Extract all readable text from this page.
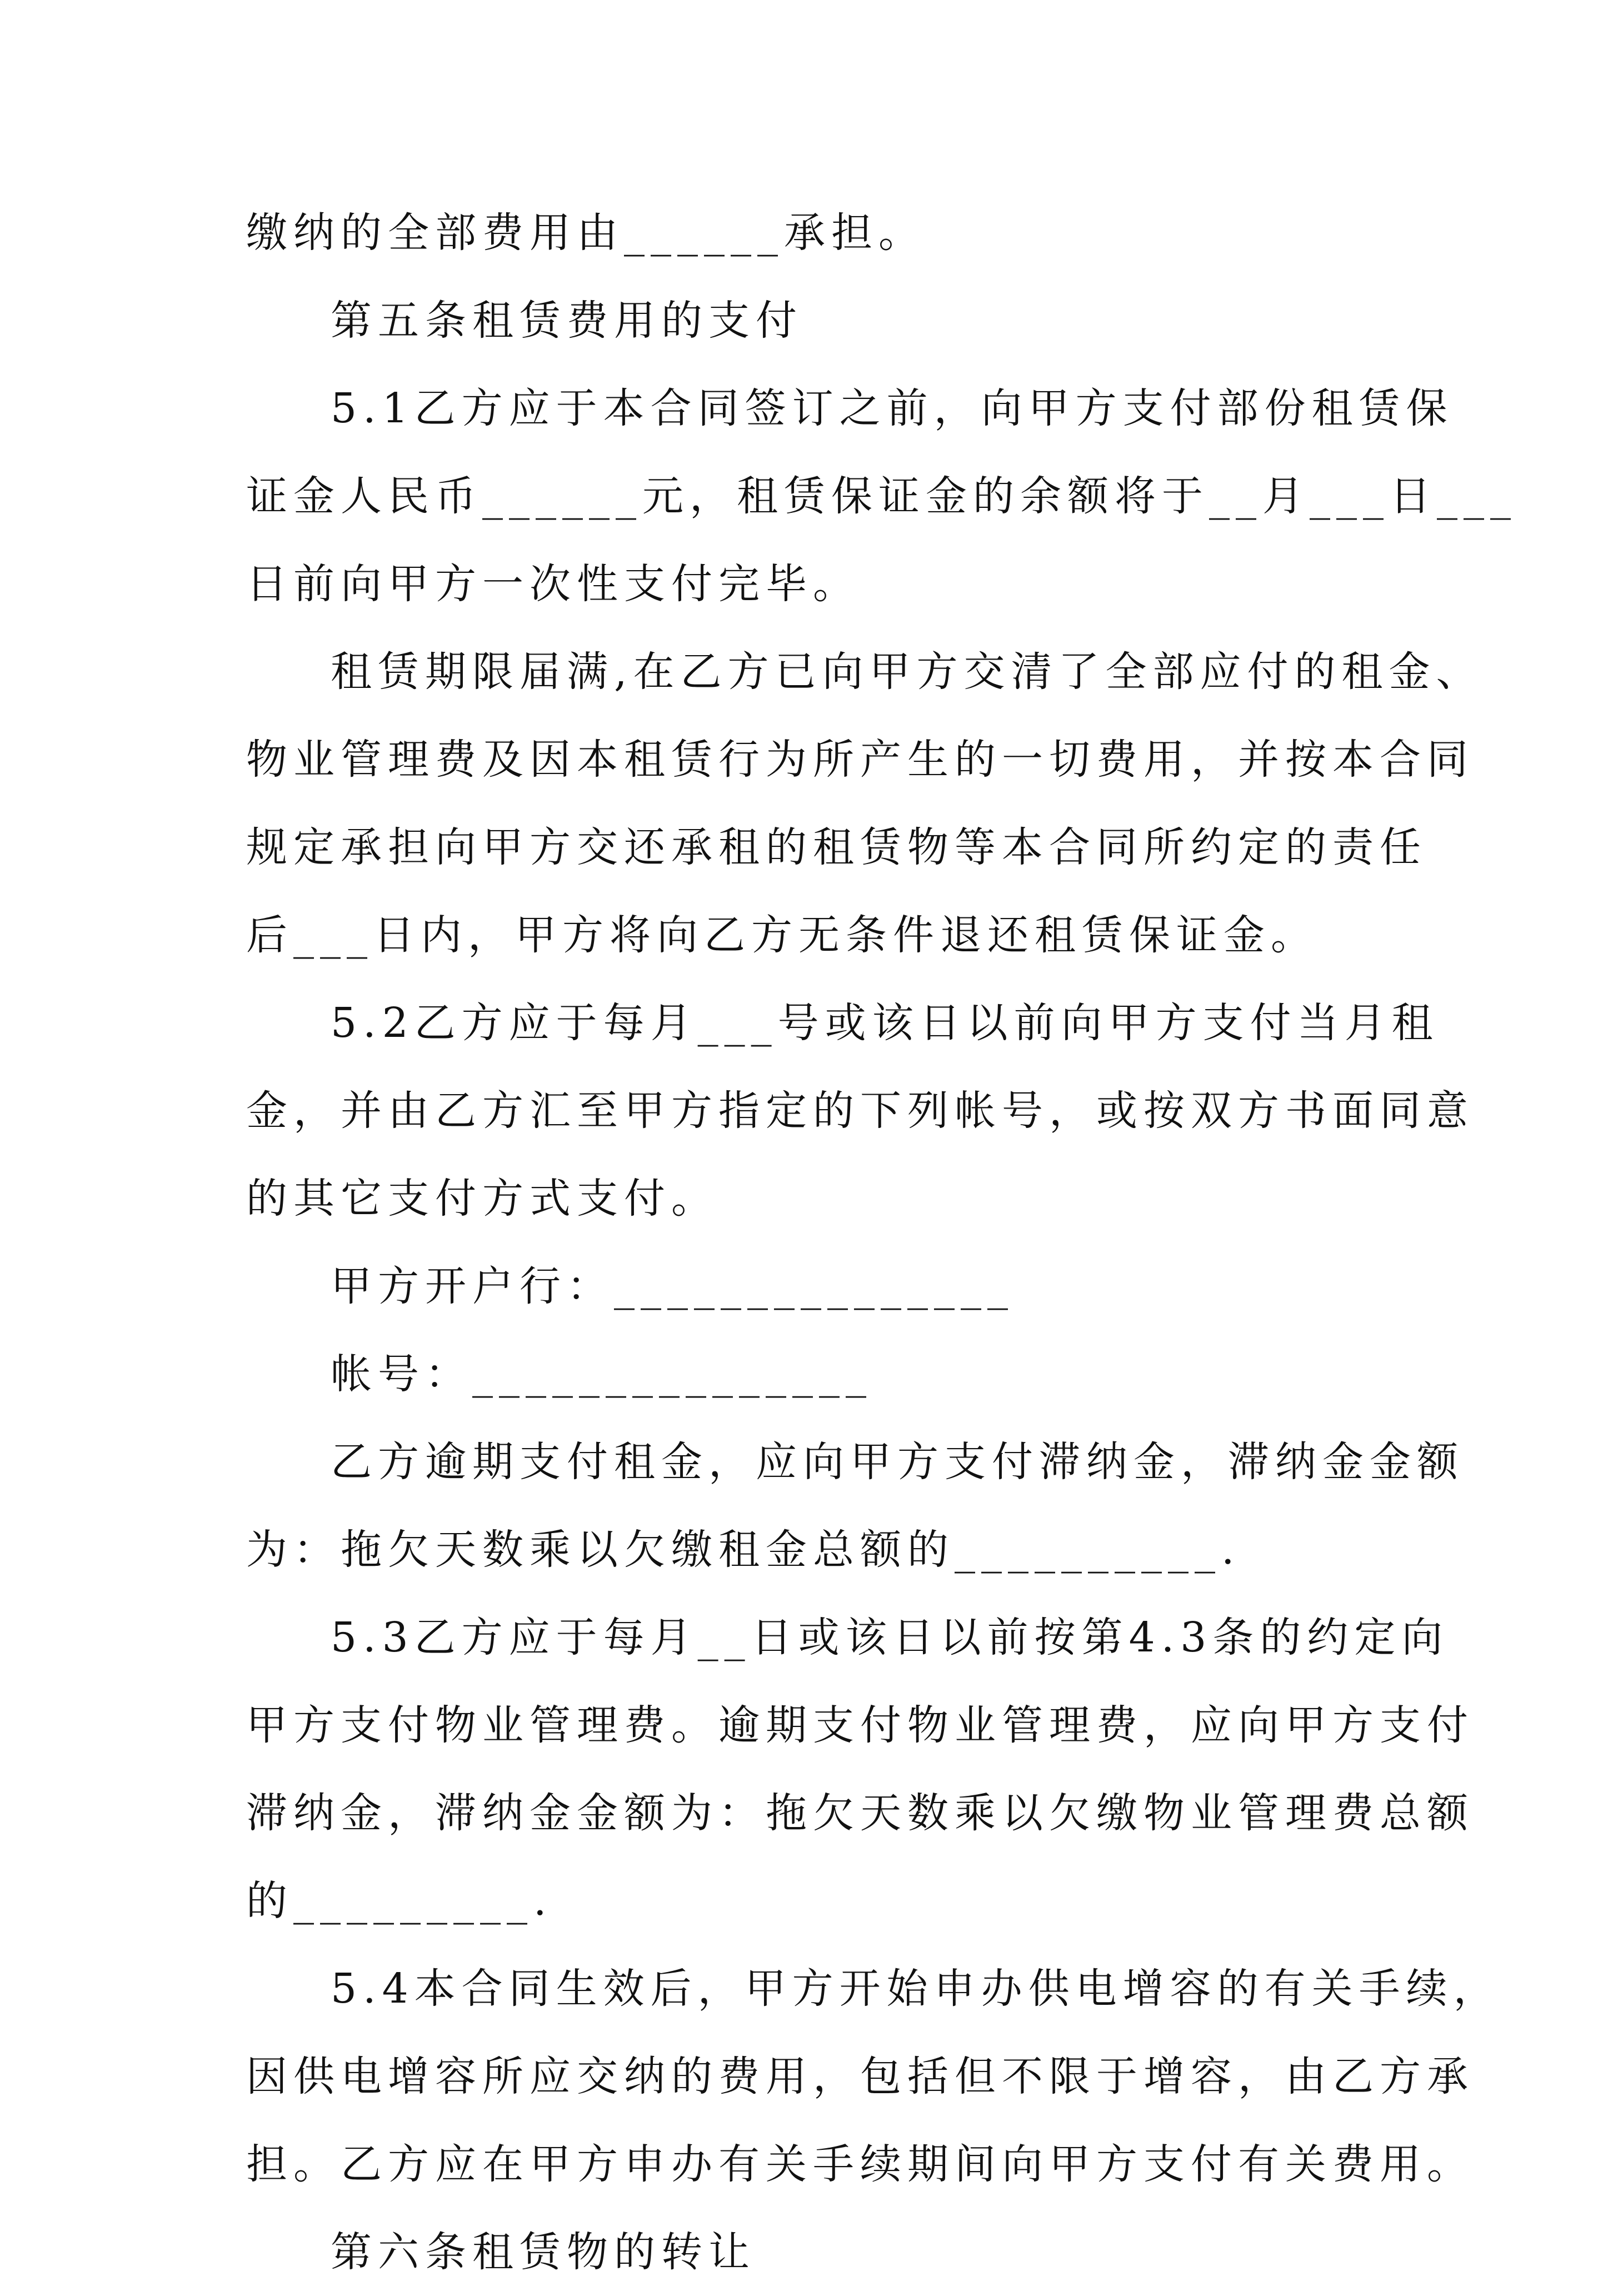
缴纳的全部费用由______承担。
第五条租赁费用的支付
5.1乙方应于本合同签订之前，向甲方支付部份租赁保
证金人民币______元，租赁保证金的余额将于__月___日___
日前向甲方一次性支付完毕。
租赁期限届满,在乙方已向甲方交清了全部应付的租金、
物业管理费及因本租赁行为所产生的一切费用，并按本合同
规定承担向甲方交还承租的租赁物等本合同所约定的责任
后___日内，甲方将向乙方无条件退还租赁保证金。
5.2乙方应于每月___号或该日以前向甲方支付当月租
金，并由乙方汇至甲方指定的下列帐号，或按双方书面同意
的其它支付方式支付。
甲方开户行：_______________
帐号：_______________
乙方逾期支付租金，应向甲方支付滞纳金，滞纳金金额
为：拖欠天数乘以欠缴租金总额的__________.
5.3乙方应于每月__日或该日以前按第4.3条的约定向
甲方支付物业管理费。逾期支付物业管理费，应向甲方支付
滞纳金，滞纳金金额为：拖欠天数乘以欠缴物业管理费总额
的_________.
5.4本合同生效后，甲方开始申办供电增容的有关手续，
因供电增容所应交纳的费用，包括但不限于增容，由乙方承
担。乙方应在甲方申办有关手续期间向甲方支付有关费用。
第六条租赁物的转让
